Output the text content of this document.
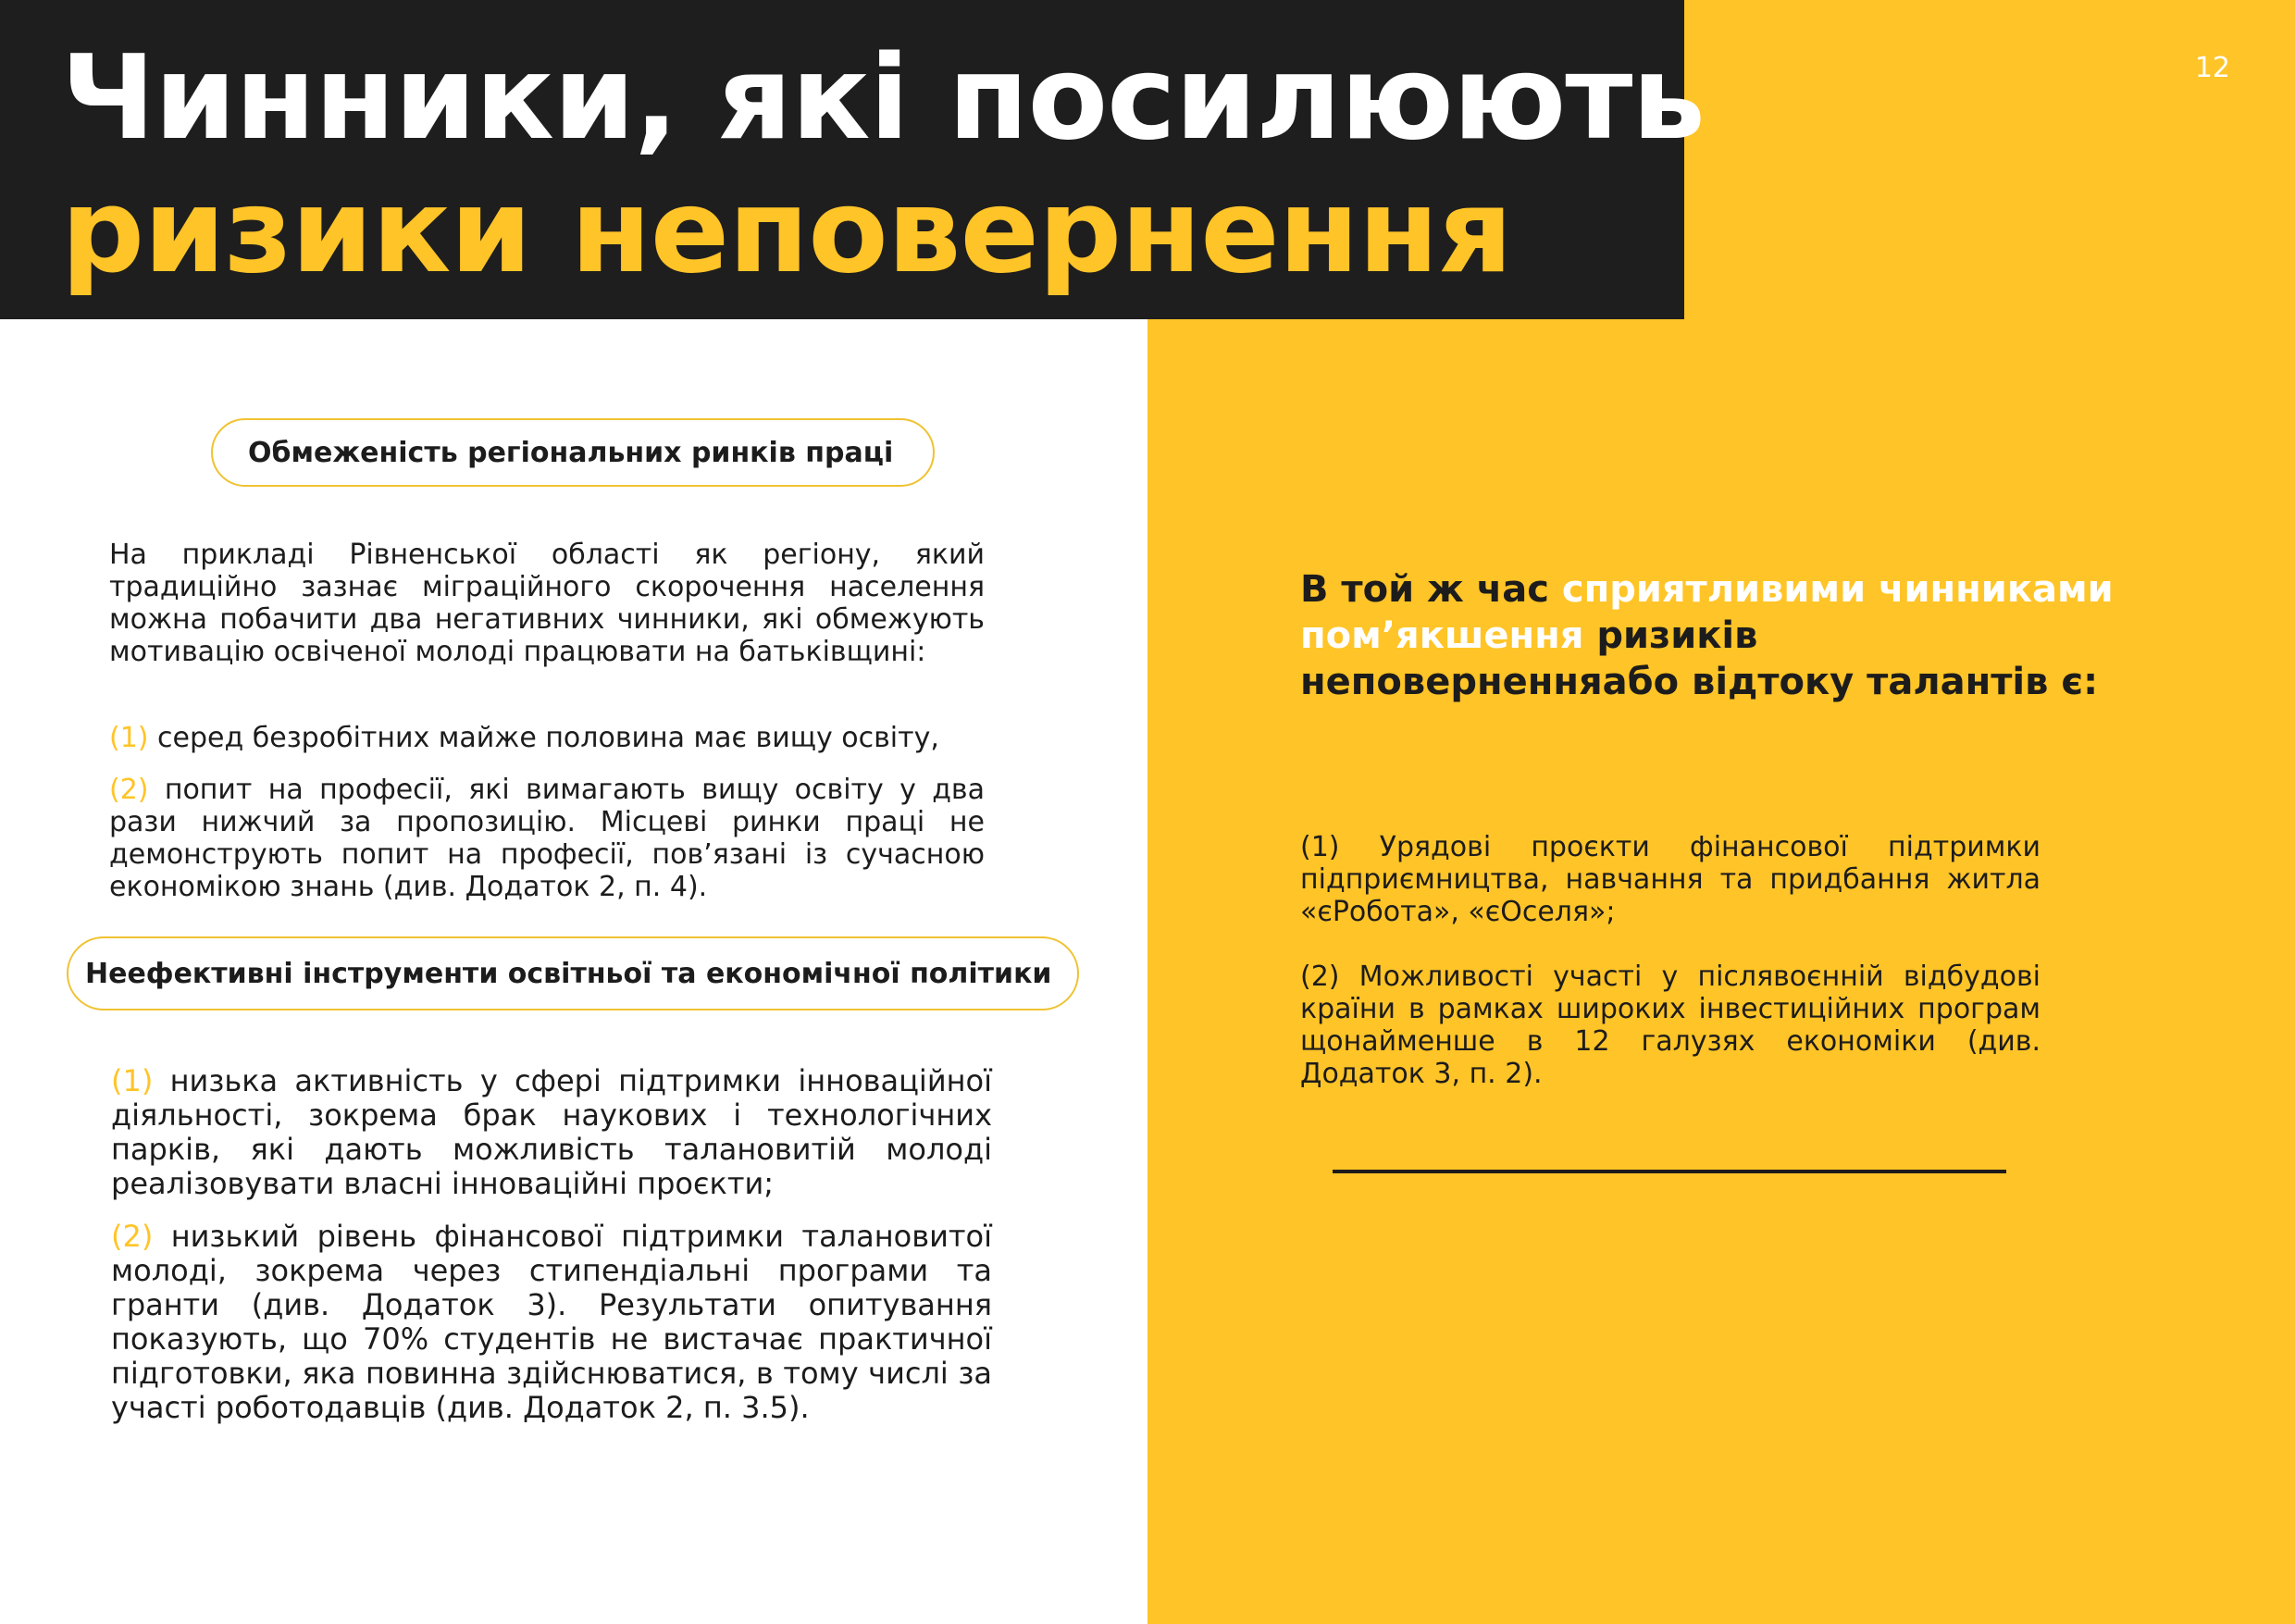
Чинники, які посилюють
ризики неповернення
12
Обмеженість регіональних ринків праці

На прикладі Рівненської області як регіону, який традиційно зазнає міграційного скорочення населення можна побачити два негативних чинники, які обмежують мотивацію освіченої молоді працювати на батьківщині:

(1) серед безробітних майже половина має вищу освіту,

(2) попит на професії, які вимагають вищу освіту у два рази нижчий за пропозицію. Місцеві ринки праці не демонструють попит на професії, пов’язані із сучасною економікою знань (див. Додаток 2, п. 4).

Неефективні інструменти освітньої та економічної політики

(1) низька активність у сфері підтримки інноваційної діяльності, зокрема брак наукових і технологічних парків, які дають можливість талановитій молоді реалізовувати власні інноваційні проєкти;

(2) низький рівень фінансової підтримки талановитої молоді, зокрема через стипендіальні програми та гранти (див. Додаток 3). Результати опитування показують, що 70% студентів не вистачає практичної підготовки, яка повинна здійснюватися, в тому числі за участі роботодавців (див. Додаток 2, п. 3.5).

В той ж час сприятливими чинниками пом’якшення ризиків неповерненняабо відтоку талантів є:

(1) Урядові проєкти фінансової підтримки підприємництва, навчання та придбання житла «єРобота», «єОселя»;

(2) Можливості участі у післявоєнній відбудові країни в рамках широких інвестиційних програм щонайменше в 12 галузях економіки (див. Додаток 3, п. 2).
